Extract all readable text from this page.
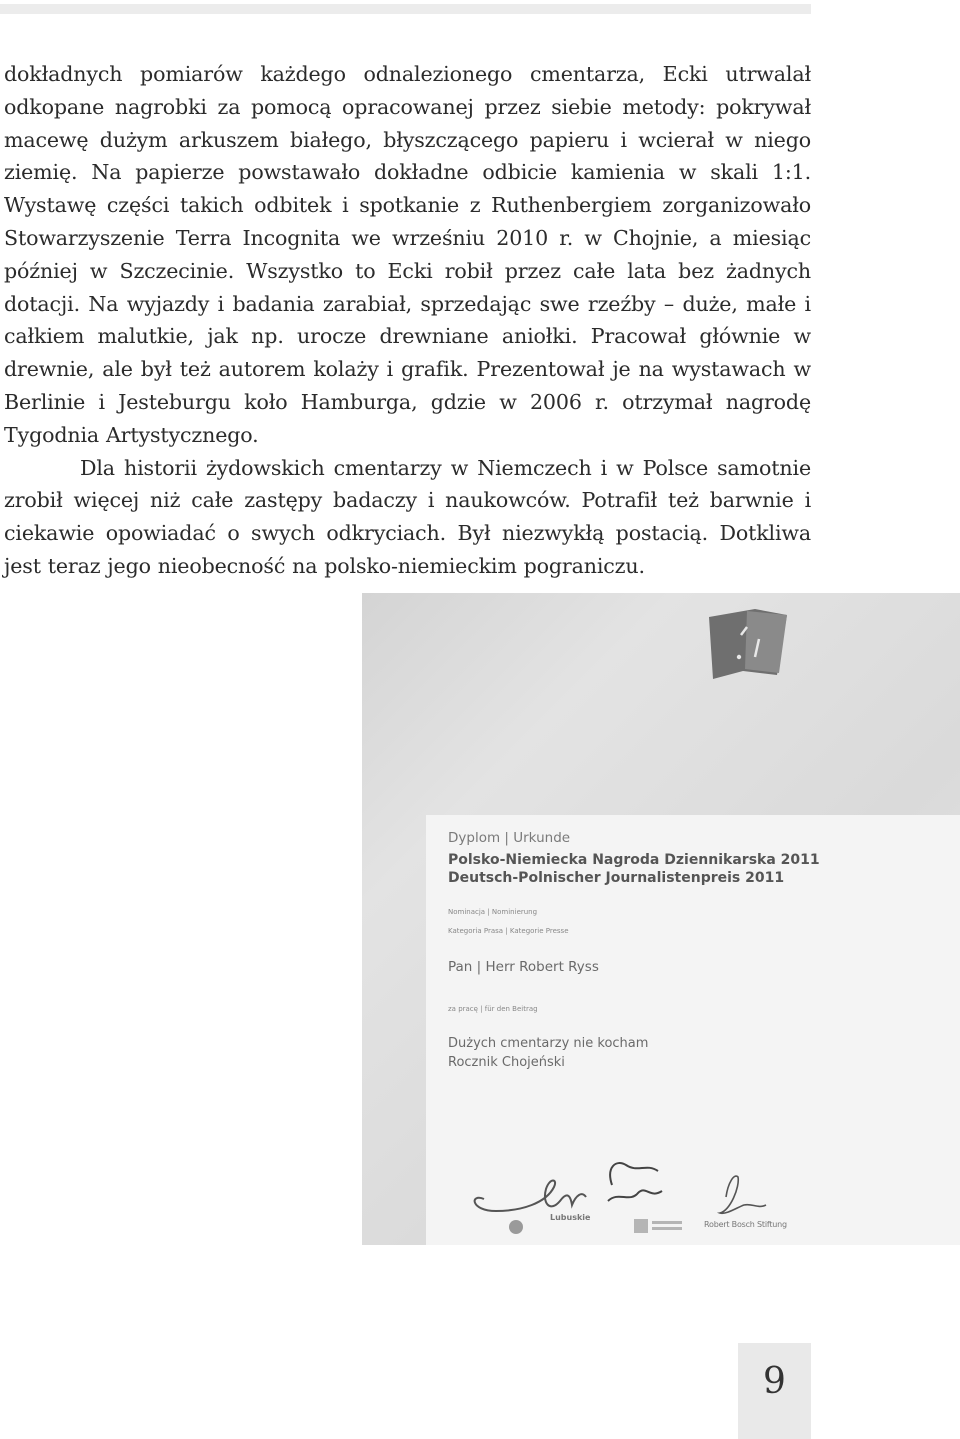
dokładnych pomiarów każdego odnalezionego cmentarza, Ecki utrwalał odkopane nagrobki za pomocą opracowanej przez siebie metody: pokrywał macewę dużym arkuszem białego, błyszczącego papieru i wcierał w niego ziemię. Na papierze powstawało dokładne odbicie kamienia w skali 1:1. Wystawę części takich odbitek i spotkanie z Ruthenbergiem zorganizowało Stowarzyszenie Terra Incognita we wrześniu 2010 r. w Chojnie, a miesiąc później w Szczecinie. Wszystko to Ecki robił przez całe lata bez żadnych dotacji. Na wyjazdy i badania zarabiał, sprzedając swe rzeźby – duże, małe i całkiem malutkie, jak np. urocze drewniane aniołki. Pracował głównie w drewnie, ale był też autorem kolaży i grafik. Prezentował je na wystawach w Berlinie i Jesteburgu koło Hamburga, gdzie w 2006 r. otrzymał nagrodę Tygodnia Artystycznego.

Dla historii żydowskich cmentarzy w Niemczech i w Polsce samotnie zrobił więcej niż całe zastępy badaczy i naukowców. Potrafił też barwnie i ciekawie opowiadać o swych odkryciach. Był niezwykłą postacią. Dotkliwa jest teraz jego nieobecność na polsko-niemieckim pograniczu.

Dyplom | Urkunde
Polsko-Niemiecka Nagroda Dziennikarska 2011
Deutsch-Polnischer Journalistenpreis 2011
Nominacja | Nominierung
Kategoria Prasa | Kategorie Presse
Pan | Herr Robert Ryss
za pracę | für den Beitrag
Dużych cmentarzy nie kocham
Rocznik Chojeński
Lubuskie
Robert Bosch Stiftung
9
